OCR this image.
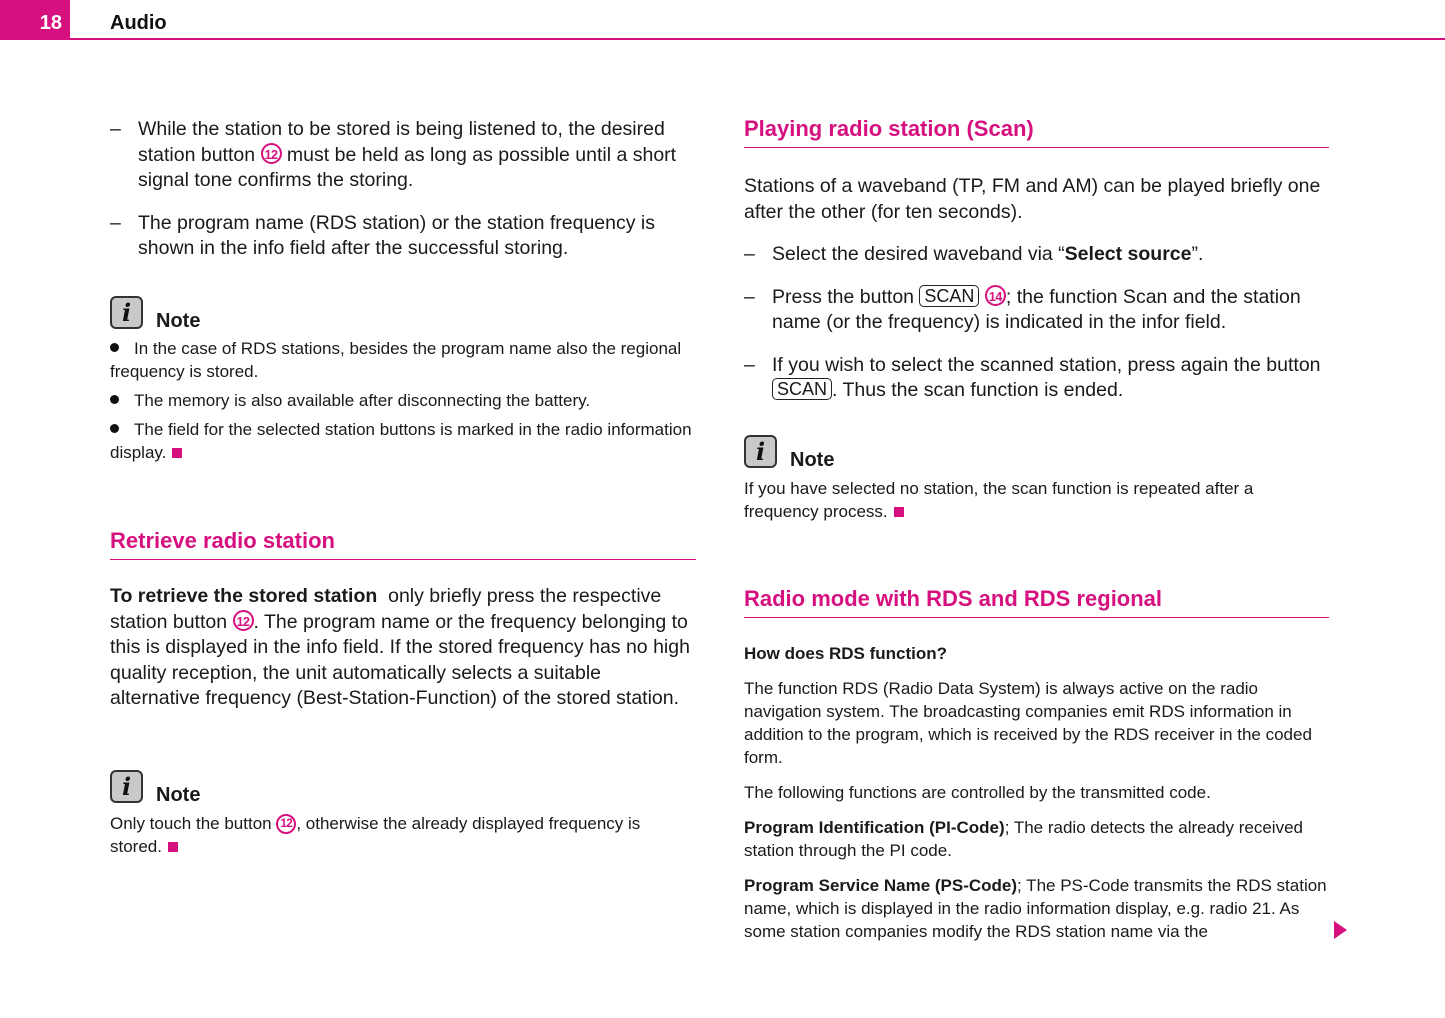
18 Audio

– While the station to be stored is being listened to, the desired station button 12 must be held as long as possible until a short signal tone confirms the storing.

– The program name (RDS station) or the station frequency is shown in the info field after the successful storing.

i	Note

In the case of RDS stations, besides the program name also the regional frequency is stored.

The memory is also available after disconnecting the battery.

The field for the selected station buttons is marked in the radio information display.

Retrieve radio station

To retrieve the stored station  only briefly press the respective station button 12 . The program name or the frequency belonging to this is displayed in the info field. If the stored frequency has no high quality reception, the unit automatically selects a suitable alternative frequency (Best-Station-Function) of the stored station.

i	Note

Only touch the button 12 , otherwise the already displayed frequency is stored.

Playing radio station (Scan)

Stations of a waveband (TP, FM and AM) can be played briefly one after the other (for ten seconds).

– Select the desired waveband via “Select source”.

– Press the button SCAN 14 ; the function Scan and the station name (or the frequency) is indicated in the infor field.

– If you wish to select the scanned station, press again the button SCAN . Thus the scan function is ended.

i	Note

If you have selected no station, the scan function is repeated after a frequency process.

Radio mode with RDS and RDS regional

How does RDS function?

The function RDS (Radio Data System) is always active on the radio navigation system. The broadcasting companies emit RDS information in addition to the program, which is received by the RDS receiver in the coded form.

The following functions are controlled by the transmitted code.

Program Identification (PI-Code); The radio detects the already received station through the PI code.

Program Service Name (PS-Code); The PS-Code transmits the RDS station name, which is displayed in the radio information display, e.g. radio 21. As some station companies modify the RDS station name via the
